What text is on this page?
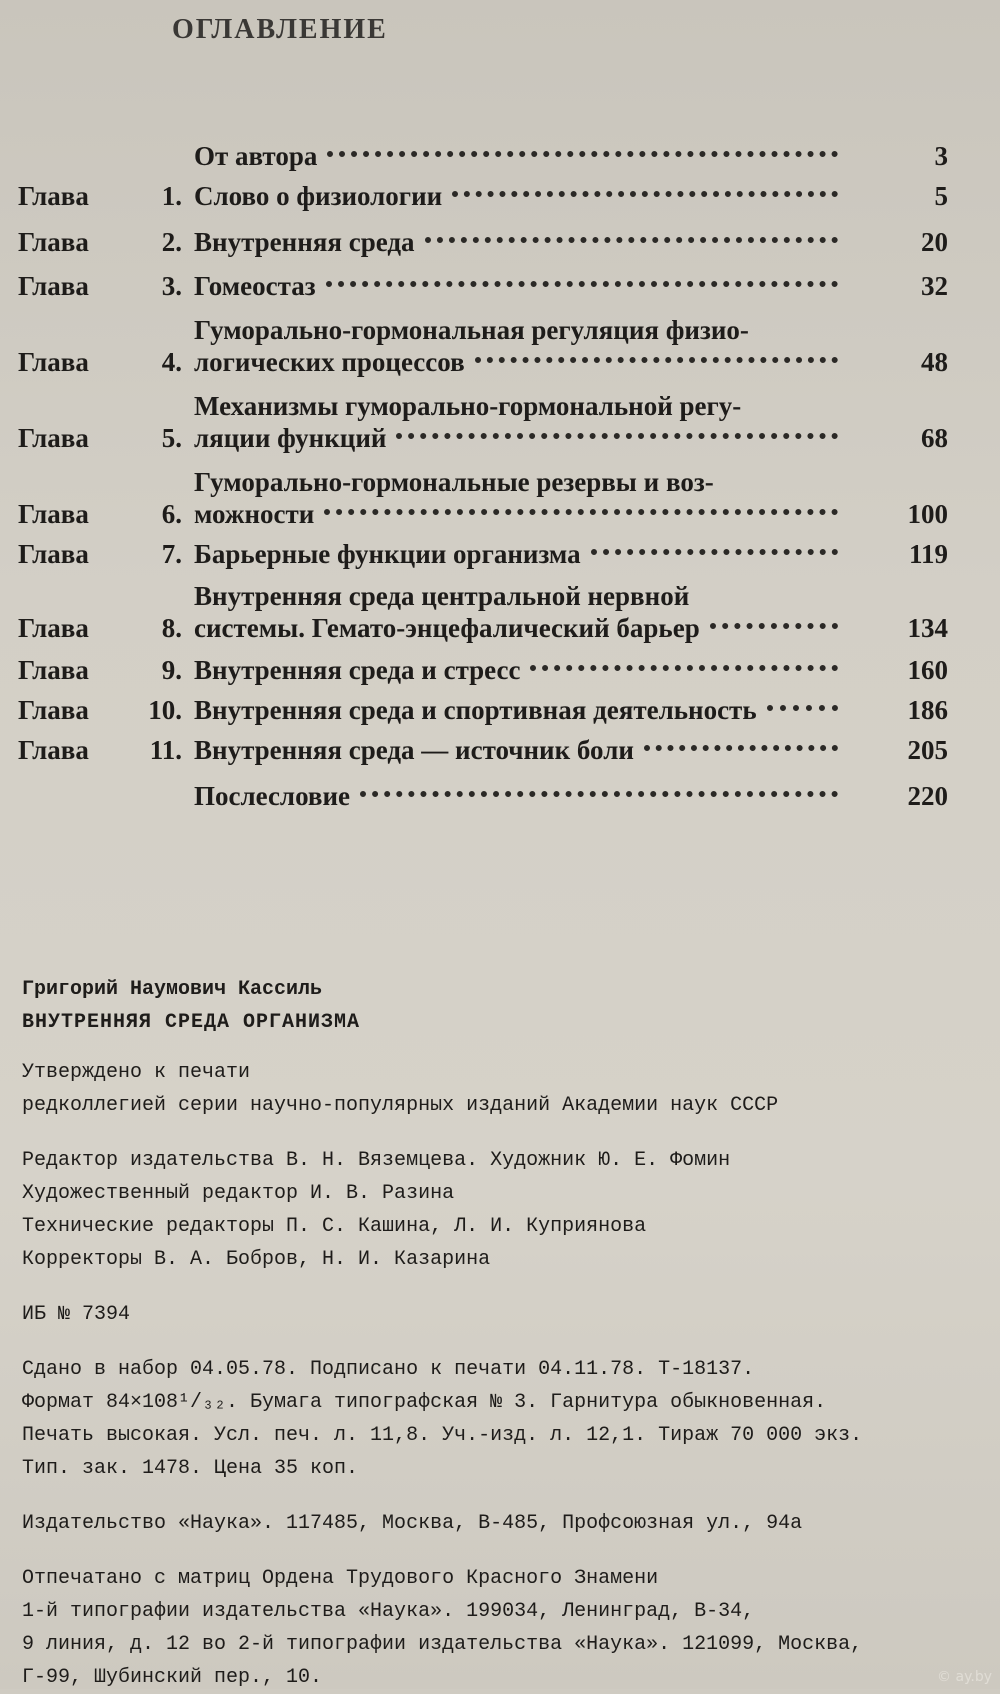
ОГЛАВЛЕНИЕ
От автора	3
Глава	1. Слово о физиологии	5
Глава	2. Внутренняя среда	20
Глава	3. Гомеостаз	32
Глава	4.
Гуморально-гормональная регуляция физио-
логических процессов	48
Глава	5.
Механизмы гуморально-гормональной регу-
ляции функций	68
Глава	6.
Гуморально-гормональные резервы и воз-
можности	100
Глава	7. Барьерные функции организма	119
Глава	8.
Внутренняя среда центральной нервной
системы. Гемато-энцефалический барьер	134
Глава	9. Внутренняя среда и стресс	160
Глава	10. Внутренняя среда и спортивная деятельность	186
Глава	11. Внутренняя среда — источник боли	205
Послесловие	220
Григорий Наумович Кассиль
ВНУТРЕННЯЯ СРЕДА ОРГАНИЗМА
Утверждено к печати
редколлегией серии научно-популярных изданий Академии наук СССР
Редактор издательства В. Н. Вяземцева. Художник Ю. Е. Фомин
Художественный редактор И. В. Разина
Технические редакторы П. С. Кашина, Л. И. Куприянова
Корректоры В. А. Бобров, Н. И. Казарина
ИБ № 7394
Сдано в набор 04.05.78. Подписано к печати 04.11.78. Т-18137.
Формат 84×108¹/₃₂. Бумага типографская № 3. Гарнитура обыкновенная.
Печать высокая. Усл. печ. л. 11,8. Уч.-изд. л. 12,1. Тираж 70 000 экз.
Тип. зак. 1478. Цена 35 коп.
Издательство «Наука». 117485, Москва, В-485, Профсоюзная ул., 94а
Отпечатано с матриц Ордена Трудового Красного Знамени
1-й типографии издательства «Наука». 199034, Ленинград, В-34,
9 линия, д. 12 во 2-й типографии издательства «Наука». 121099, Москва,
Г-99, Шубинский пер., 10.	© ay.by
